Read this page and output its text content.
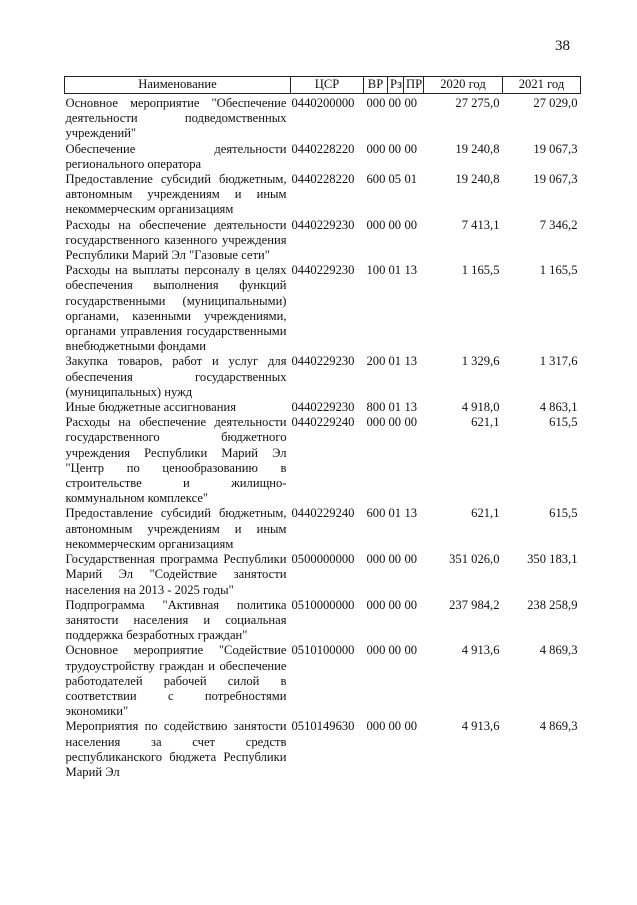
38
Наименование	ЦСР	ВР	Рз	ПР	2020 год	2021 год

Основное мероприятие "Обеспечение деятельности подведомственных учреждений"	0440200000	000	00	00	27 275,0	27 029,0
Обеспечение деятельности регионального оператора	0440228220	000	00	00	19 240,8	19 067,3
Предоставление субсидий бюджетным, автономным учреждениям и иным некоммерческим организациям	0440228220	600	05	01	19 240,8	19 067,3
Расходы на обеспечение деятельности государственного казенного учреждения Республики Марий Эл "Газовые сети"	0440229230	000	00	00	7 413,1	7 346,2
Расходы на выплаты персоналу в целях обеспечения выполнения функций государственными (муниципальными) органами, казенными учреждениями, органами управления государственными внебюджетными фондами	0440229230	100	01	13	1 165,5	1 165,5
Закупка товаров, работ и услуг для обеспечения государственных (муниципальных) нужд	0440229230	200	01	13	1 329,6	1 317,6
Иные бюджетные ассигнования	0440229230	800	01	13	4 918,0	4 863,1
Расходы на обеспечение деятельности государственного бюджетного учреждения Республики Марий Эл "Центр по ценообразованию в строительстве и жилищно-коммунальном комплексе"	0440229240	000	00	00	621,1	615,5
Предоставление субсидий бюджетным, автономным учреждениям и иным некоммерческим организациям	0440229240	600	01	13	621,1	615,5
Государственная программа Республики Марий Эл "Содействие занятости населения на 2013 - 2025 годы"	0500000000	000	00	00	351 026,0	350 183,1
Подпрограмма "Активная политика занятости населения и социальная поддержка безработных граждан"	0510000000	000	00	00	237 984,2	238 258,9
Основное мероприятие "Содействие трудоустройству граждан и обеспечение работодателей рабочей силой в соответствии с потребностями экономики"	0510100000	000	00	00	4 913,6	4 869,3
Мероприятия по содействию занятости населения за счет средств республиканского бюджета Республики Марий Эл	0510149630	000	00	00	4 913,6	4 869,3
